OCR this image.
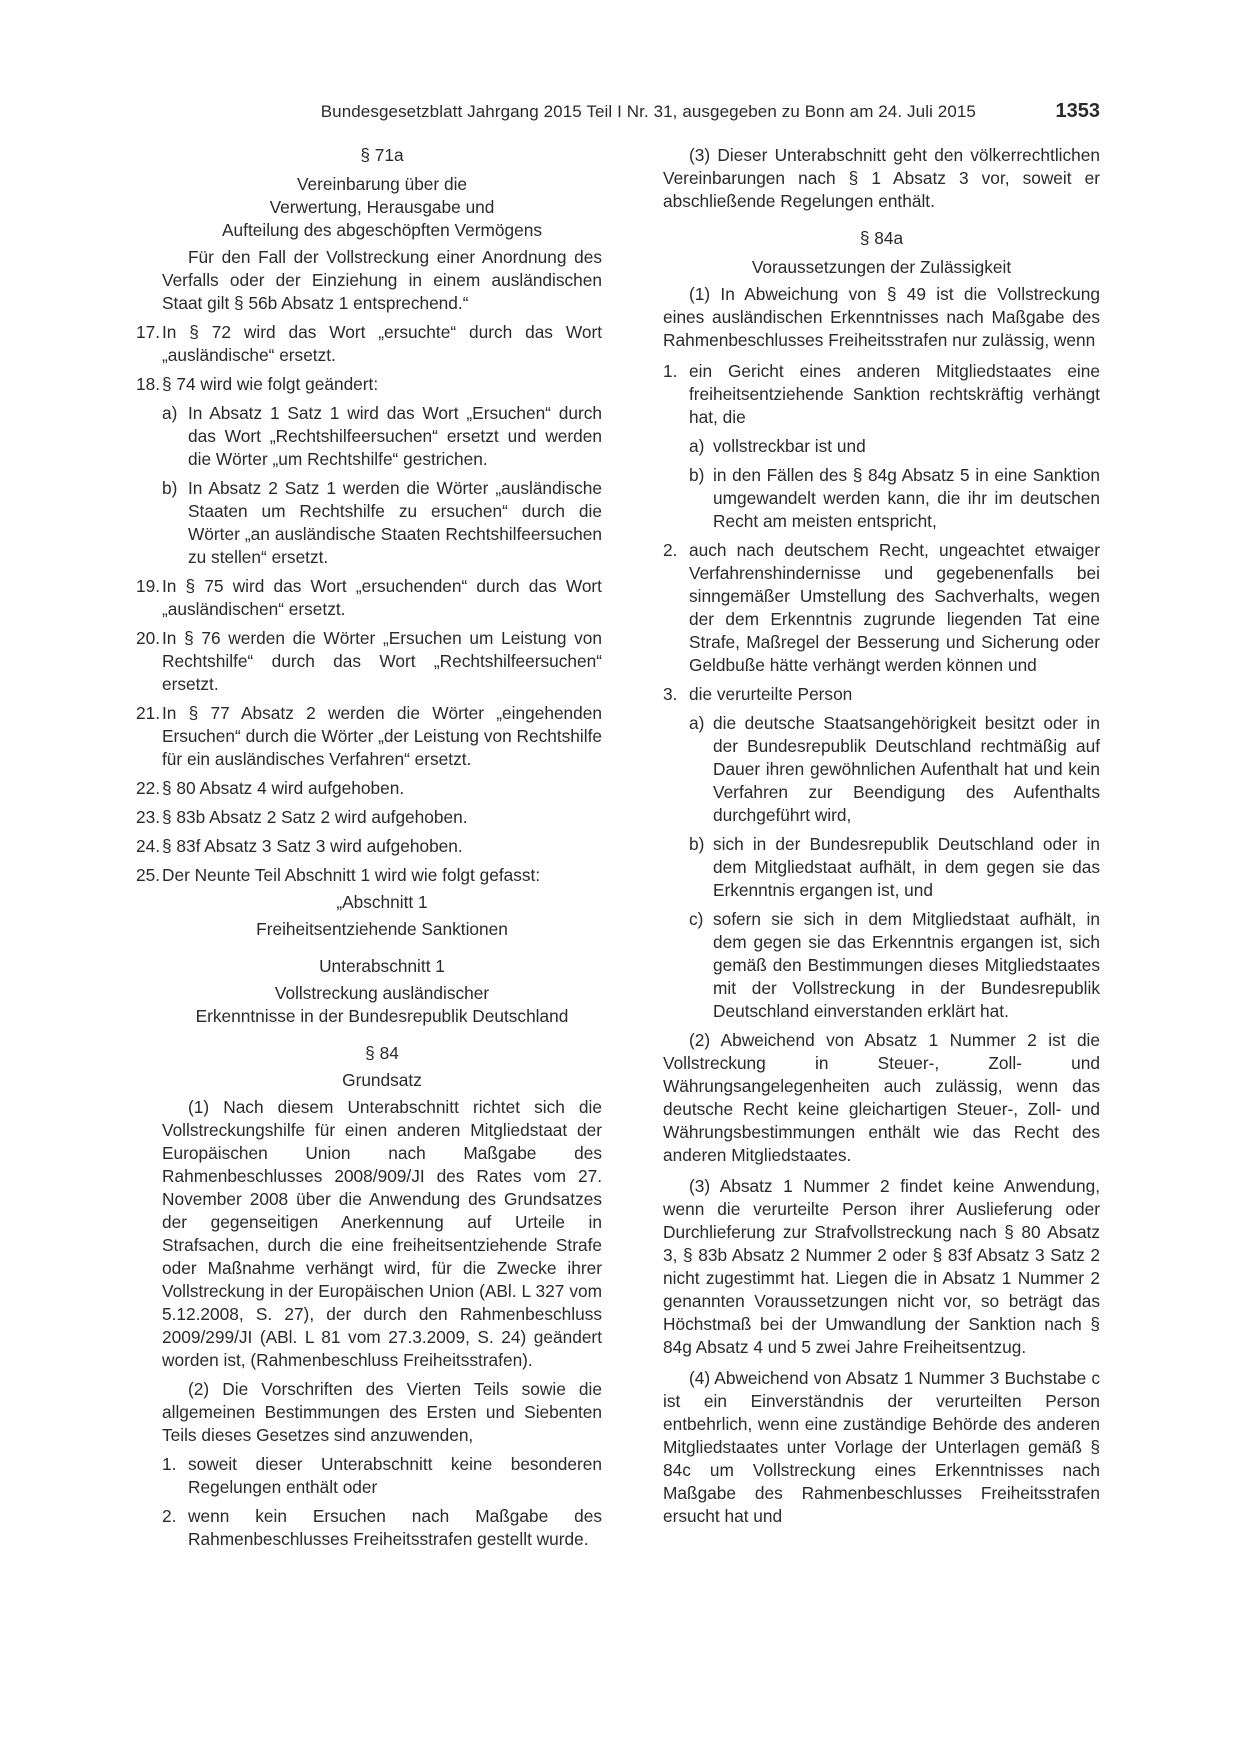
Bundesgesetzblatt Jahrgang 2015 Teil I Nr. 31, ausgegeben zu Bonn am 24. Juli 2015	1353
§ 71a
Vereinbarung über die
Verwertung, Herausgabe und
Aufteilung des abgeschöpften Vermögens
Für den Fall der Vollstreckung einer Anordnung des Verfalls oder der Einziehung in einem ausländischen Staat gilt § 56b Absatz 1 entsprechend.“
17. In § 72 wird das Wort „ersuchte“ durch das Wort „ausländische“ ersetzt.
18. § 74 wird wie folgt geändert:
a) In Absatz 1 Satz 1 wird das Wort „Ersuchen“ durch das Wort „Rechtshilfeersuchen“ ersetzt und werden die Wörter „um Rechtshilfe“ gestrichen.
b) In Absatz 2 Satz 1 werden die Wörter „ausländische Staaten um Rechtshilfe zu ersuchen“ durch die Wörter „an ausländische Staaten Rechtshilfeersuchen zu stellen“ ersetzt.
19. In § 75 wird das Wort „ersuchenden“ durch das Wort „ausländischen“ ersetzt.
20. In § 76 werden die Wörter „Ersuchen um Leistung von Rechtshilfe“ durch das Wort „Rechtshilfeersuchen“ ersetzt.
21. In § 77 Absatz 2 werden die Wörter „eingehenden Ersuchen“ durch die Wörter „der Leistung von Rechtshilfe für ein ausländisches Verfahren“ ersetzt.
22. § 80 Absatz 4 wird aufgehoben.
23. § 83b Absatz 2 Satz 2 wird aufgehoben.
24. § 83f Absatz 3 Satz 3 wird aufgehoben.
25. Der Neunte Teil Abschnitt 1 wird wie folgt gefasst:
„Abschnitt 1
Freiheitsentziehende Sanktionen
Unterabschnitt 1
Vollstreckung ausländischer
Erkenntnisse in der Bundesrepublik Deutschland
§ 84
Grundsatz
(1) Nach diesem Unterabschnitt richtet sich die Vollstreckungshilfe für einen anderen Mitgliedstaat der Europäischen Union nach Maßgabe des Rahmenbeschlusses 2008/909/JI des Rates vom 27. November 2008 über die Anwendung des Grundsatzes der gegenseitigen Anerkennung auf Urteile in Strafsachen, durch die eine freiheitsentziehende Strafe oder Maßnahme verhängt wird, für die Zwecke ihrer Vollstreckung in der Europäischen Union (ABl. L 327 vom 5.12.2008, S. 27), der durch den Rahmenbeschluss 2009/299/JI (ABl. L 81 vom 27.3.2009, S. 24) geändert worden ist, (Rahmenbeschluss Freiheitsstrafen).
(2) Die Vorschriften des Vierten Teils sowie die allgemeinen Bestimmungen des Ersten und Siebenten Teils dieses Gesetzes sind anzuwenden,
1. soweit dieser Unterabschnitt keine besonderen Regelungen enthält oder
2. wenn kein Ersuchen nach Maßgabe des Rahmenbeschlusses Freiheitsstrafen gestellt wurde.
(3) Dieser Unterabschnitt geht den völkerrechtlichen Vereinbarungen nach § 1 Absatz 3 vor, soweit er abschließende Regelungen enthält.
§ 84a
Voraussetzungen der Zulässigkeit
(1) In Abweichung von § 49 ist die Vollstreckung eines ausländischen Erkenntnisses nach Maßgabe des Rahmenbeschlusses Freiheitsstrafen nur zulässig, wenn
1. ein Gericht eines anderen Mitgliedstaates eine freiheitsentziehende Sanktion rechtskräftig verhängt hat, die
a) vollstreckbar ist und
b) in den Fällen des § 84g Absatz 5 in eine Sanktion umgewandelt werden kann, die ihr im deutschen Recht am meisten entspricht,
2. auch nach deutschem Recht, ungeachtet etwaiger Verfahrenshindernisse und gegebenenfalls bei sinngemäßer Umstellung des Sachverhalts, wegen der dem Erkenntnis zugrunde liegenden Tat eine Strafe, Maßregel der Besserung und Sicherung oder Geldbuße hätte verhängt werden können und
3. die verurteilte Person
a) die deutsche Staatsangehörigkeit besitzt oder in der Bundesrepublik Deutschland rechtmäßig auf Dauer ihren gewöhnlichen Aufenthalt hat und kein Verfahren zur Beendigung des Aufenthalts durchgeführt wird,
b) sich in der Bundesrepublik Deutschland oder in dem Mitgliedstaat aufhält, in dem gegen sie das Erkenntnis ergangen ist, und
c) sofern sie sich in dem Mitgliedstaat aufhält, in dem gegen sie das Erkenntnis ergangen ist, sich gemäß den Bestimmungen dieses Mitgliedstaates mit der Vollstreckung in der Bundesrepublik Deutschland einverstanden erklärt hat.
(2) Abweichend von Absatz 1 Nummer 2 ist die Vollstreckung in Steuer-, Zoll- und Währungsangelegenheiten auch zulässig, wenn das deutsche Recht keine gleichartigen Steuer-, Zoll- und Währungsbestimmungen enthält wie das Recht des anderen Mitgliedstaates.
(3) Absatz 1 Nummer 2 findet keine Anwendung, wenn die verurteilte Person ihrer Auslieferung oder Durchlieferung zur Strafvollstreckung nach § 80 Absatz 3, § 83b Absatz 2 Nummer 2 oder § 83f Absatz 3 Satz 2 nicht zugestimmt hat. Liegen die in Absatz 1 Nummer 2 genannten Voraussetzungen nicht vor, so beträgt das Höchstmaß bei der Umwandlung der Sanktion nach § 84g Absatz 4 und 5 zwei Jahre Freiheitsentzug.
(4) Abweichend von Absatz 1 Nummer 3 Buchstabe c ist ein Einverständnis der verurteilten Person entbehrlich, wenn eine zuständige Behörde des anderen Mitgliedstaates unter Vorlage der Unterlagen gemäß § 84c um Vollstreckung eines Erkenntnisses nach Maßgabe des Rahmenbeschlusses Freiheitsstrafen ersucht hat und
